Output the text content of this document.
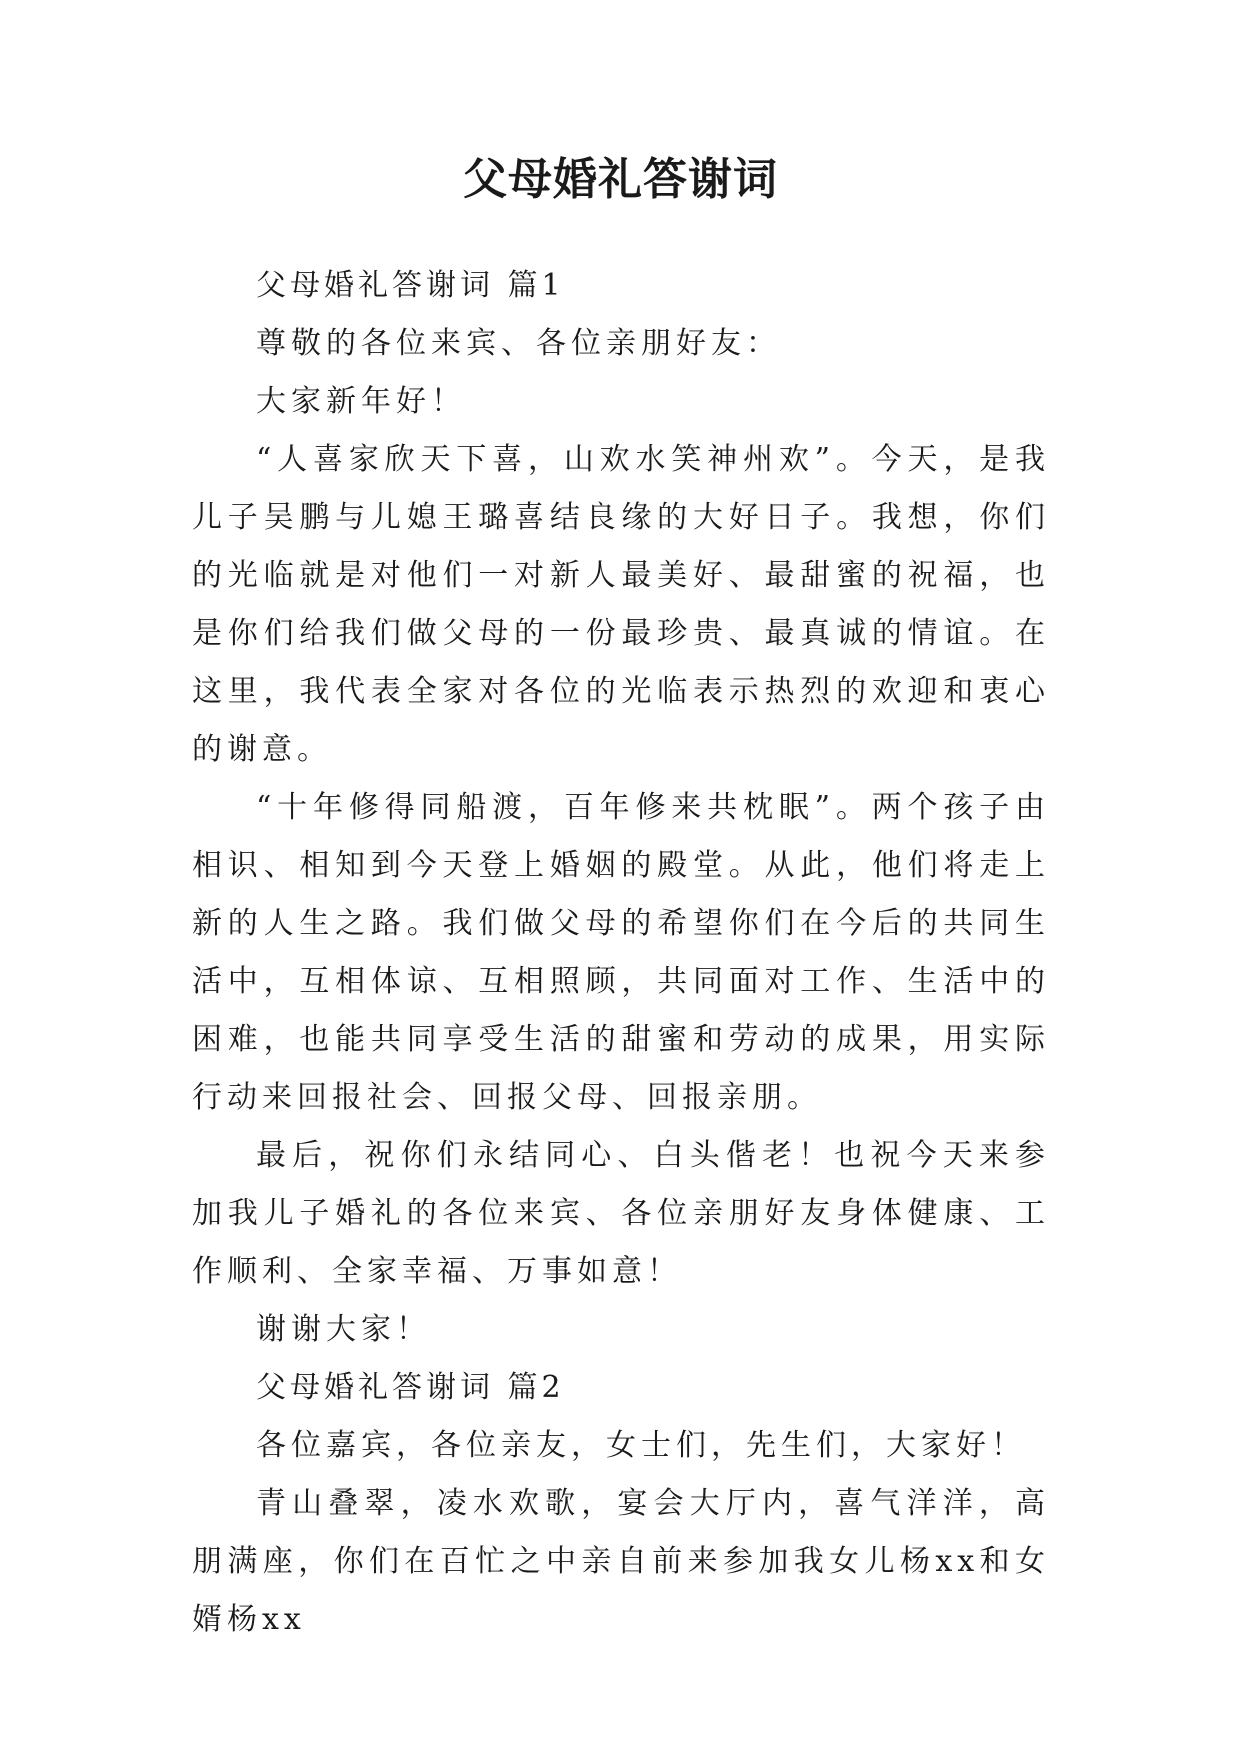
父母婚礼答谢词

父母婚礼答谢词 篇1

尊敬的各位来宾、各位亲朋好友：

大家新年好！

“人喜家欣天下喜，山欢水笑神州欢”。今天，是我儿子吴鹏与儿媳王璐喜结良缘的大好日子。我想，你们的光临就是对他们一对新人最美好、最甜蜜的祝福，也是你们给我们做父母的一份最珍贵、最真诚的情谊。在这里，我代表全家对各位的光临表示热烈的欢迎和衷心的谢意。

“十年修得同船渡，百年修来共枕眠”。两个孩子由相识、相知到今天登上婚姻的殿堂。从此，他们将走上新的人生之路。我们做父母的希望你们在今后的共同生活中，互相体谅、互相照顾，共同面对工作、生活中的困难，也能共同享受生活的甜蜜和劳动的成果，用实际行动来回报社会、回报父母、回报亲朋。

最后，祝你们永结同心、白头偕老！也祝今天来参加我儿子婚礼的各位来宾、各位亲朋好友身体健康、工作顺利、全家幸福、万事如意！

谢谢大家！

父母婚礼答谢词 篇2

各位嘉宾，各位亲友，女士们，先生们，大家好！

青山叠翠，凌水欢歌，宴会大厅内，喜气洋洋，高朋满座，你们在百忙之中亲自前来参加我女儿杨xx和女婿杨xx
